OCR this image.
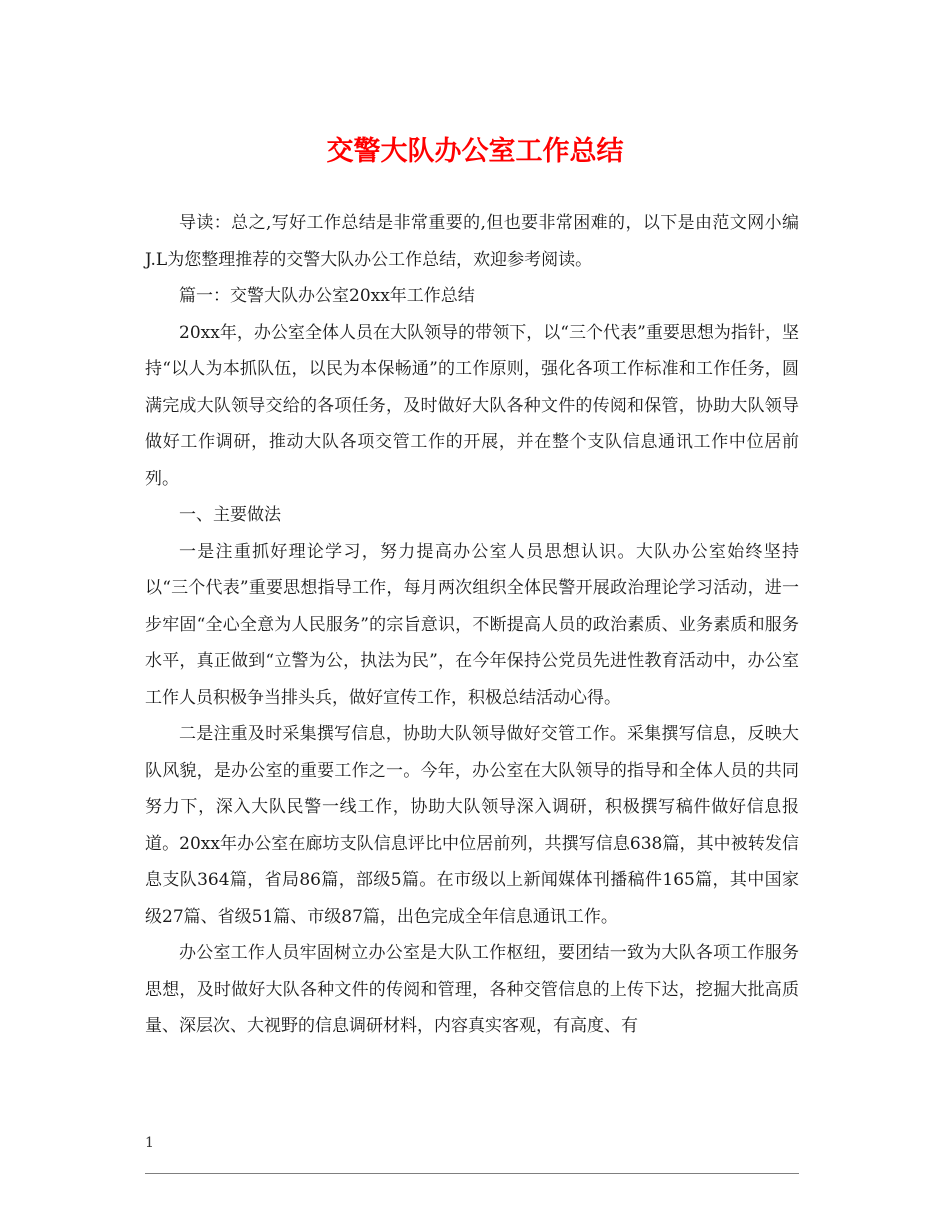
交警大队办公室工作总结

导读：总之,写好工作总结是非常重要的,但也要非常困难的，以下是由范文网小编J.L为您整理推荐的交警大队办公工作总结，欢迎参考阅读。

篇一：交警大队办公室20xx年工作总结

20xx年，办公室全体人员在大队领导的带领下，以“三个代表”重要思想为指针，坚持“以人为本抓队伍，以民为本保畅通”的工作原则，强化各项工作标准和工作任务，圆满完成大队领导交给的各项任务，及时做好大队各种文件的传阅和保管，协助大队领导做好工作调研，推动大队各项交管工作的开展，并在整个支队信息通讯工作中位居前列。

一、主要做法

一是注重抓好理论学习，努力提高办公室人员思想认识。大队办公室始终坚持以“三个代表”重要思想指导工作，每月两次组织全体民警开展政治理论学习活动，进一步牢固“全心全意为人民服务”的宗旨意识，不断提高人员的政治素质、业务素质和服务水平，真正做到“立警为公，执法为民”，在今年保持公党员先进性教育活动中，办公室工作人员积极争当排头兵，做好宣传工作，积极总结活动心得。

二是注重及时采集撰写信息，协助大队领导做好交管工作。采集撰写信息，反映大队风貌，是办公室的重要工作之一。今年，办公室在大队领导的指导和全体人员的共同努力下，深入大队民警一线工作，协助大队领导深入调研，积极撰写稿件做好信息报道。20xx年办公室在廊坊支队信息评比中位居前列，共撰写信息638篇，其中被转发信息支队364篇，省局86篇，部级5篇。在市级以上新闻媒体刊播稿件165篇，其中国家级27篇、省级51篇、市级87篇，出色完成全年信息通讯工作。

办公室工作人员牢固树立办公室是大队工作枢纽，要团结一致为大队各项工作服务思想，及时做好大队各种文件的传阅和管理，各种交管信息的上传下达，挖掘大批高质量、深层次、大视野的信息调研材料，内容真实客观，有高度、有

1
